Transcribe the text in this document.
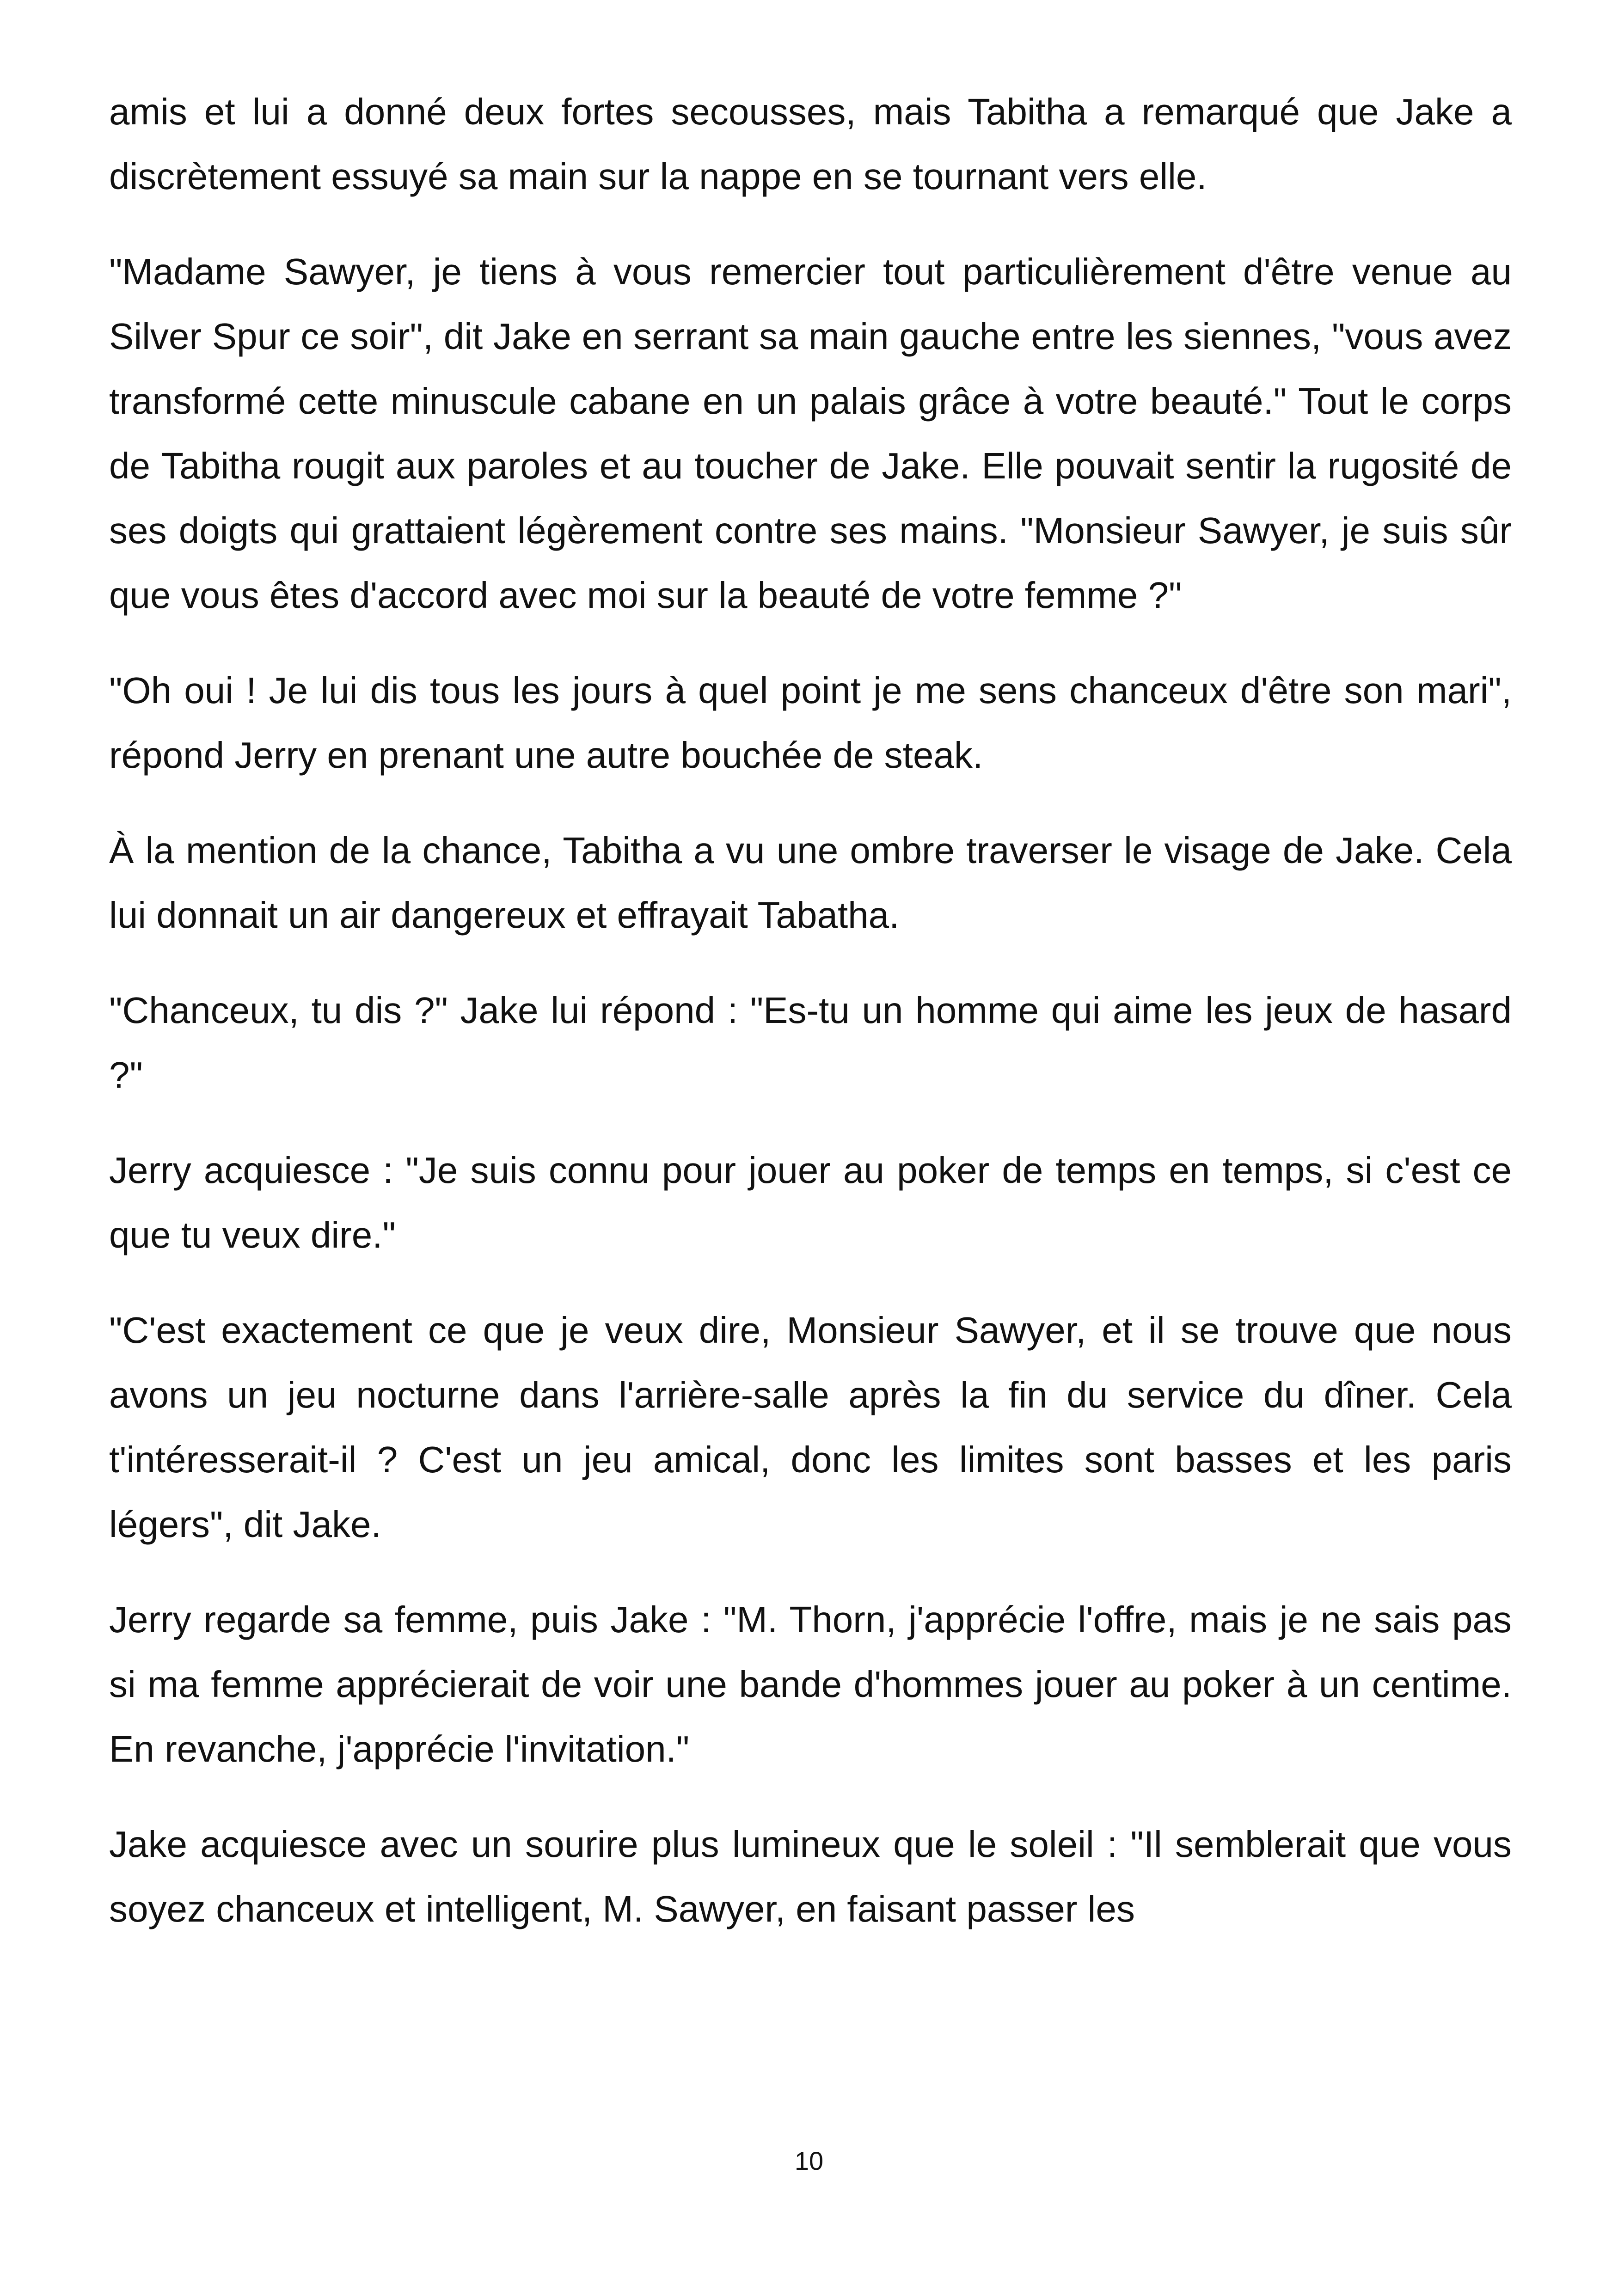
amis et lui a donné deux fortes secousses, mais Tabitha a remarqué que Jake a discrètement essuyé sa main sur la nappe en se tournant vers elle.

"Madame Sawyer, je tiens à vous remercier tout particulièrement d'être venue au Silver Spur ce soir", dit Jake en serrant sa main gauche entre les siennes, "vous avez transformé cette minuscule cabane en un palais grâce à votre beauté." Tout le corps de Tabitha rougit aux paroles et au toucher de Jake. Elle pouvait sentir la rugosité de ses doigts qui grattaient légèrement contre ses mains. "Monsieur Sawyer, je suis sûr que vous êtes d'accord avec moi sur la beauté de votre femme ?"

"Oh oui ! Je lui dis tous les jours à quel point je me sens chanceux d'être son mari", répond Jerry en prenant une autre bouchée de steak.

À la mention de la chance, Tabitha a vu une ombre traverser le visage de Jake. Cela lui donnait un air dangereux et effrayait Tabatha.

"Chanceux, tu dis ?" Jake lui répond : "Es-tu un homme qui aime les jeux de hasard ?"

Jerry acquiesce : "Je suis connu pour jouer au poker de temps en temps, si c'est ce que tu veux dire."

"C'est exactement ce que je veux dire, Monsieur Sawyer, et il se trouve que nous avons un jeu nocturne dans l'arrière-salle après la fin du service du dîner. Cela t'intéresserait-il ? C'est un jeu amical, donc les limites sont basses et les paris légers", dit Jake.

Jerry regarde sa femme, puis Jake : "M. Thorn, j'apprécie l'offre, mais je ne sais pas si ma femme apprécierait de voir une bande d'hommes jouer au poker à un centime. En revanche, j'apprécie l'invitation."

Jake acquiesce avec un sourire plus lumineux que le soleil : "Il semblerait que vous soyez chanceux et intelligent, M. Sawyer, en faisant passer les

10
